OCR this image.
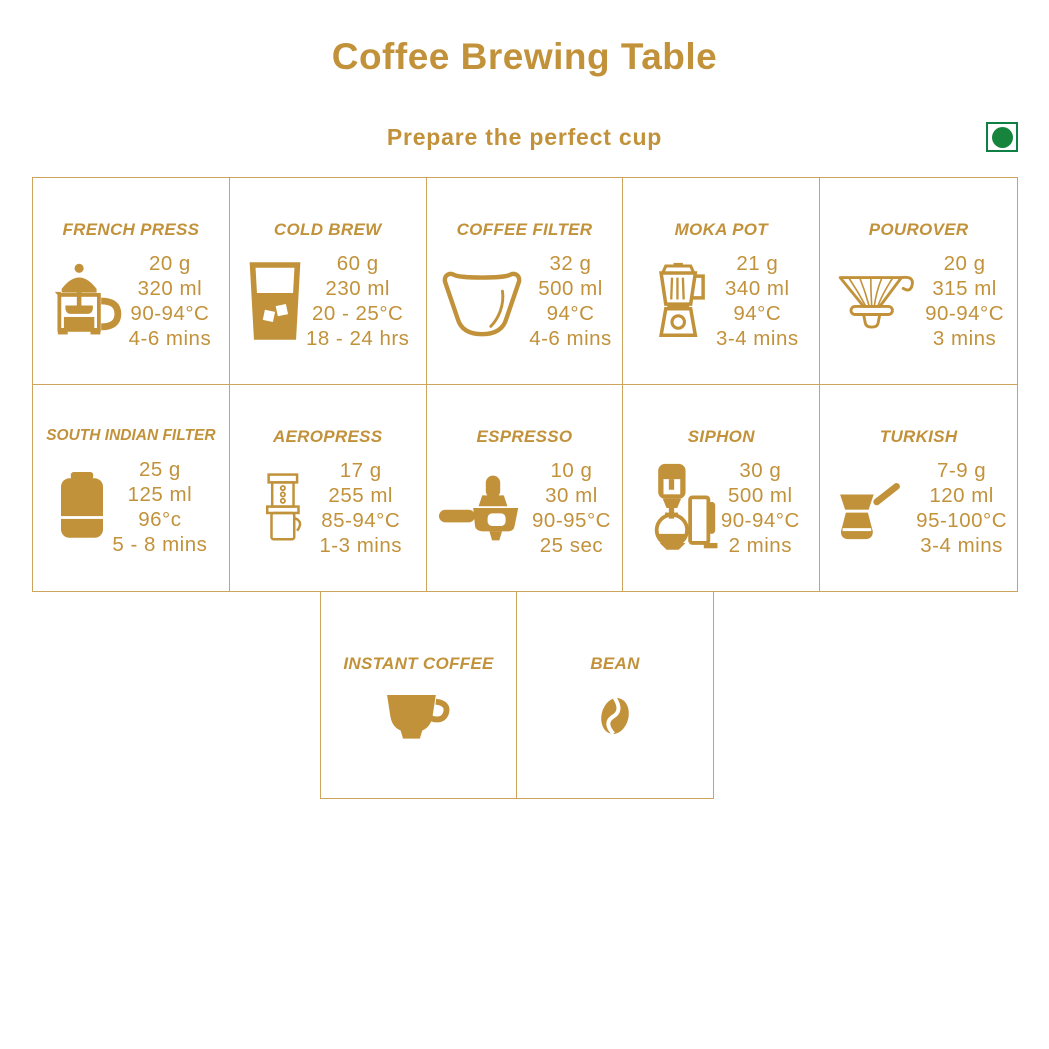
Coffee Brewing Table
Prepare the perfect cup
FRENCH PRESS
20 g
320 ml
90-94°C
4-6 mins
COLD BREW
60 g
230 ml
20 - 25°C
18 - 24 hrs
COFFEE FILTER
32 g
500 ml
94°C
4-6 mins
MOKA POT
21 g
340 ml
94°C
3-4 mins
POUROVER
20 g
315 ml
90-94°C
3 mins
SOUTH INDIAN FILTER
25 g
125 ml
96°c
5 - 8 mins
AEROPRESS
17 g
255 ml
85-94°C
1-3 mins
ESPRESSO
10 g
30 ml
90-95°C
25 sec
SIPHON
30 g
500 ml
90-94°C
2 mins
TURKISH
7-9 g
120 ml
95-100°C
3-4 mins
INSTANT COFFEE	BEAN
